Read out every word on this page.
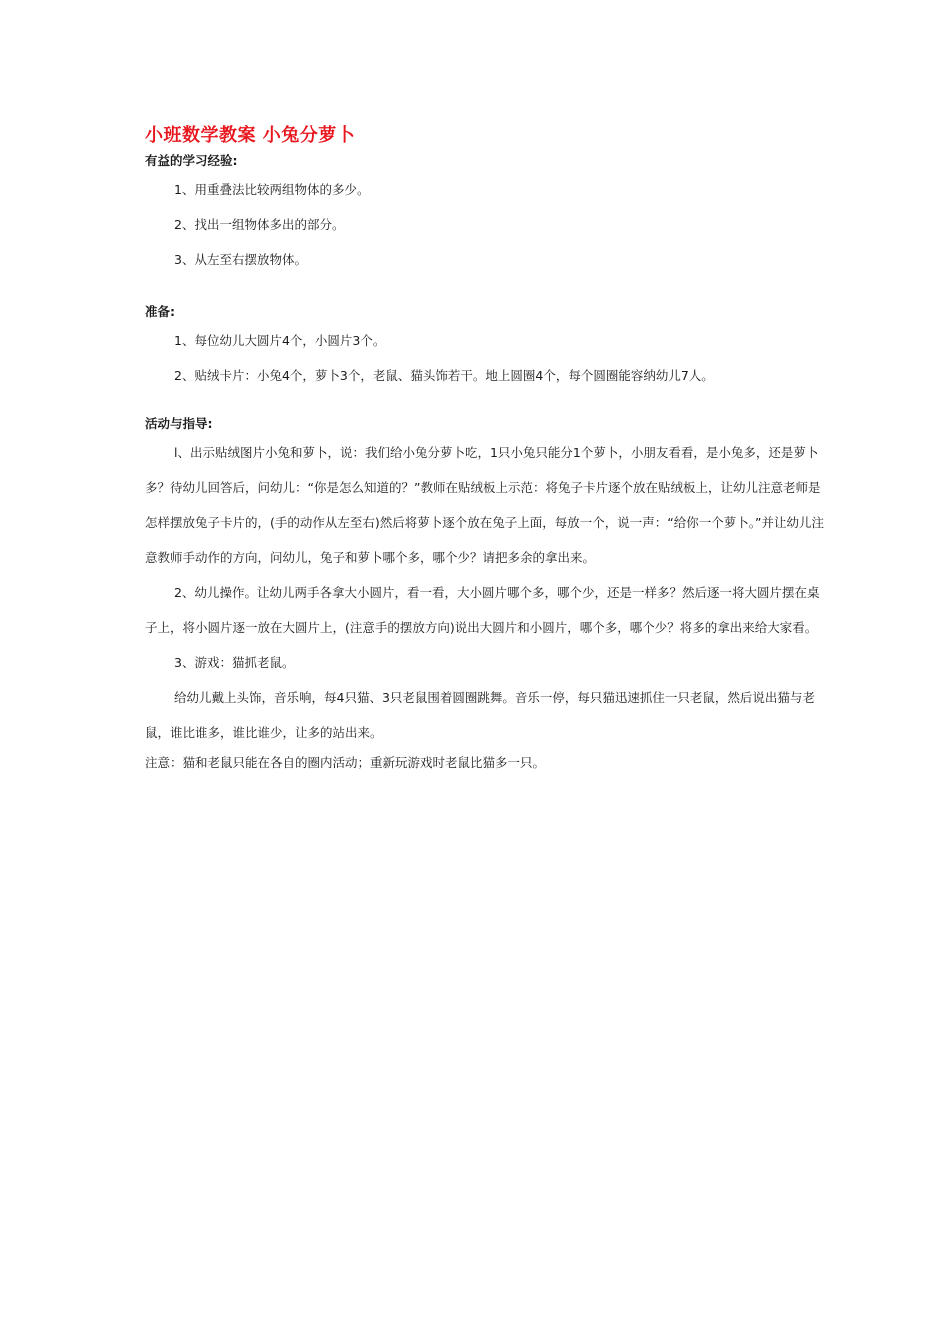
小班数学教案 小兔分萝卜

有益的学习经验:

1、用重叠法比较两组物体的多少。

2、找出一组物体多出的部分。

3、从左至右摆放物体。

准备:

1、每位幼儿大圆片4个，小圆片3个。

2、贴绒卡片：小兔4个，萝卜3个，老鼠、猫头饰若干。地上圆圈4个，每个圆圈能容纳幼儿7人。

活动与指导:

l、出示贴绒图片小兔和萝卜，说：我们给小兔分萝卜吃，1只小兔只能分1个萝卜，小朋友看看，是小兔多，还是萝卜多？待幼儿回答后，问幼儿：“你是怎么知道的？”教师在贴绒板上示范：将兔子卡片逐个放在贴绒板上，让幼儿注意老师是怎样摆放兔子卡片的，(手的动作从左至右)然后将萝卜逐个放在兔子上面，每放一个，说一声：“给你一个萝卜。”并让幼儿注意教师手动作的方向，问幼儿，兔子和萝卜哪个多，哪个少？请把多余的拿出来。

2、幼儿操作。让幼儿两手各拿大小圆片，看一看，大小圆片哪个多，哪个少，还是一样多？然后逐一将大圆片摆在桌子上，将小圆片逐一放在大圆片上，(注意手的摆放方向)说出大圆片和小圆片，哪个多，哪个少？将多的拿出来给大家看。

3、游戏：猫抓老鼠。

给幼儿戴上头饰，音乐响，每4只猫、3只老鼠围着圆圈跳舞。音乐一停，每只猫迅速抓住一只老鼠，然后说出猫与老鼠，谁比谁多，谁比谁少，让多的站出来。

注意：猫和老鼠只能在各自的圈内活动；重新玩游戏时老鼠比猫多一只。
